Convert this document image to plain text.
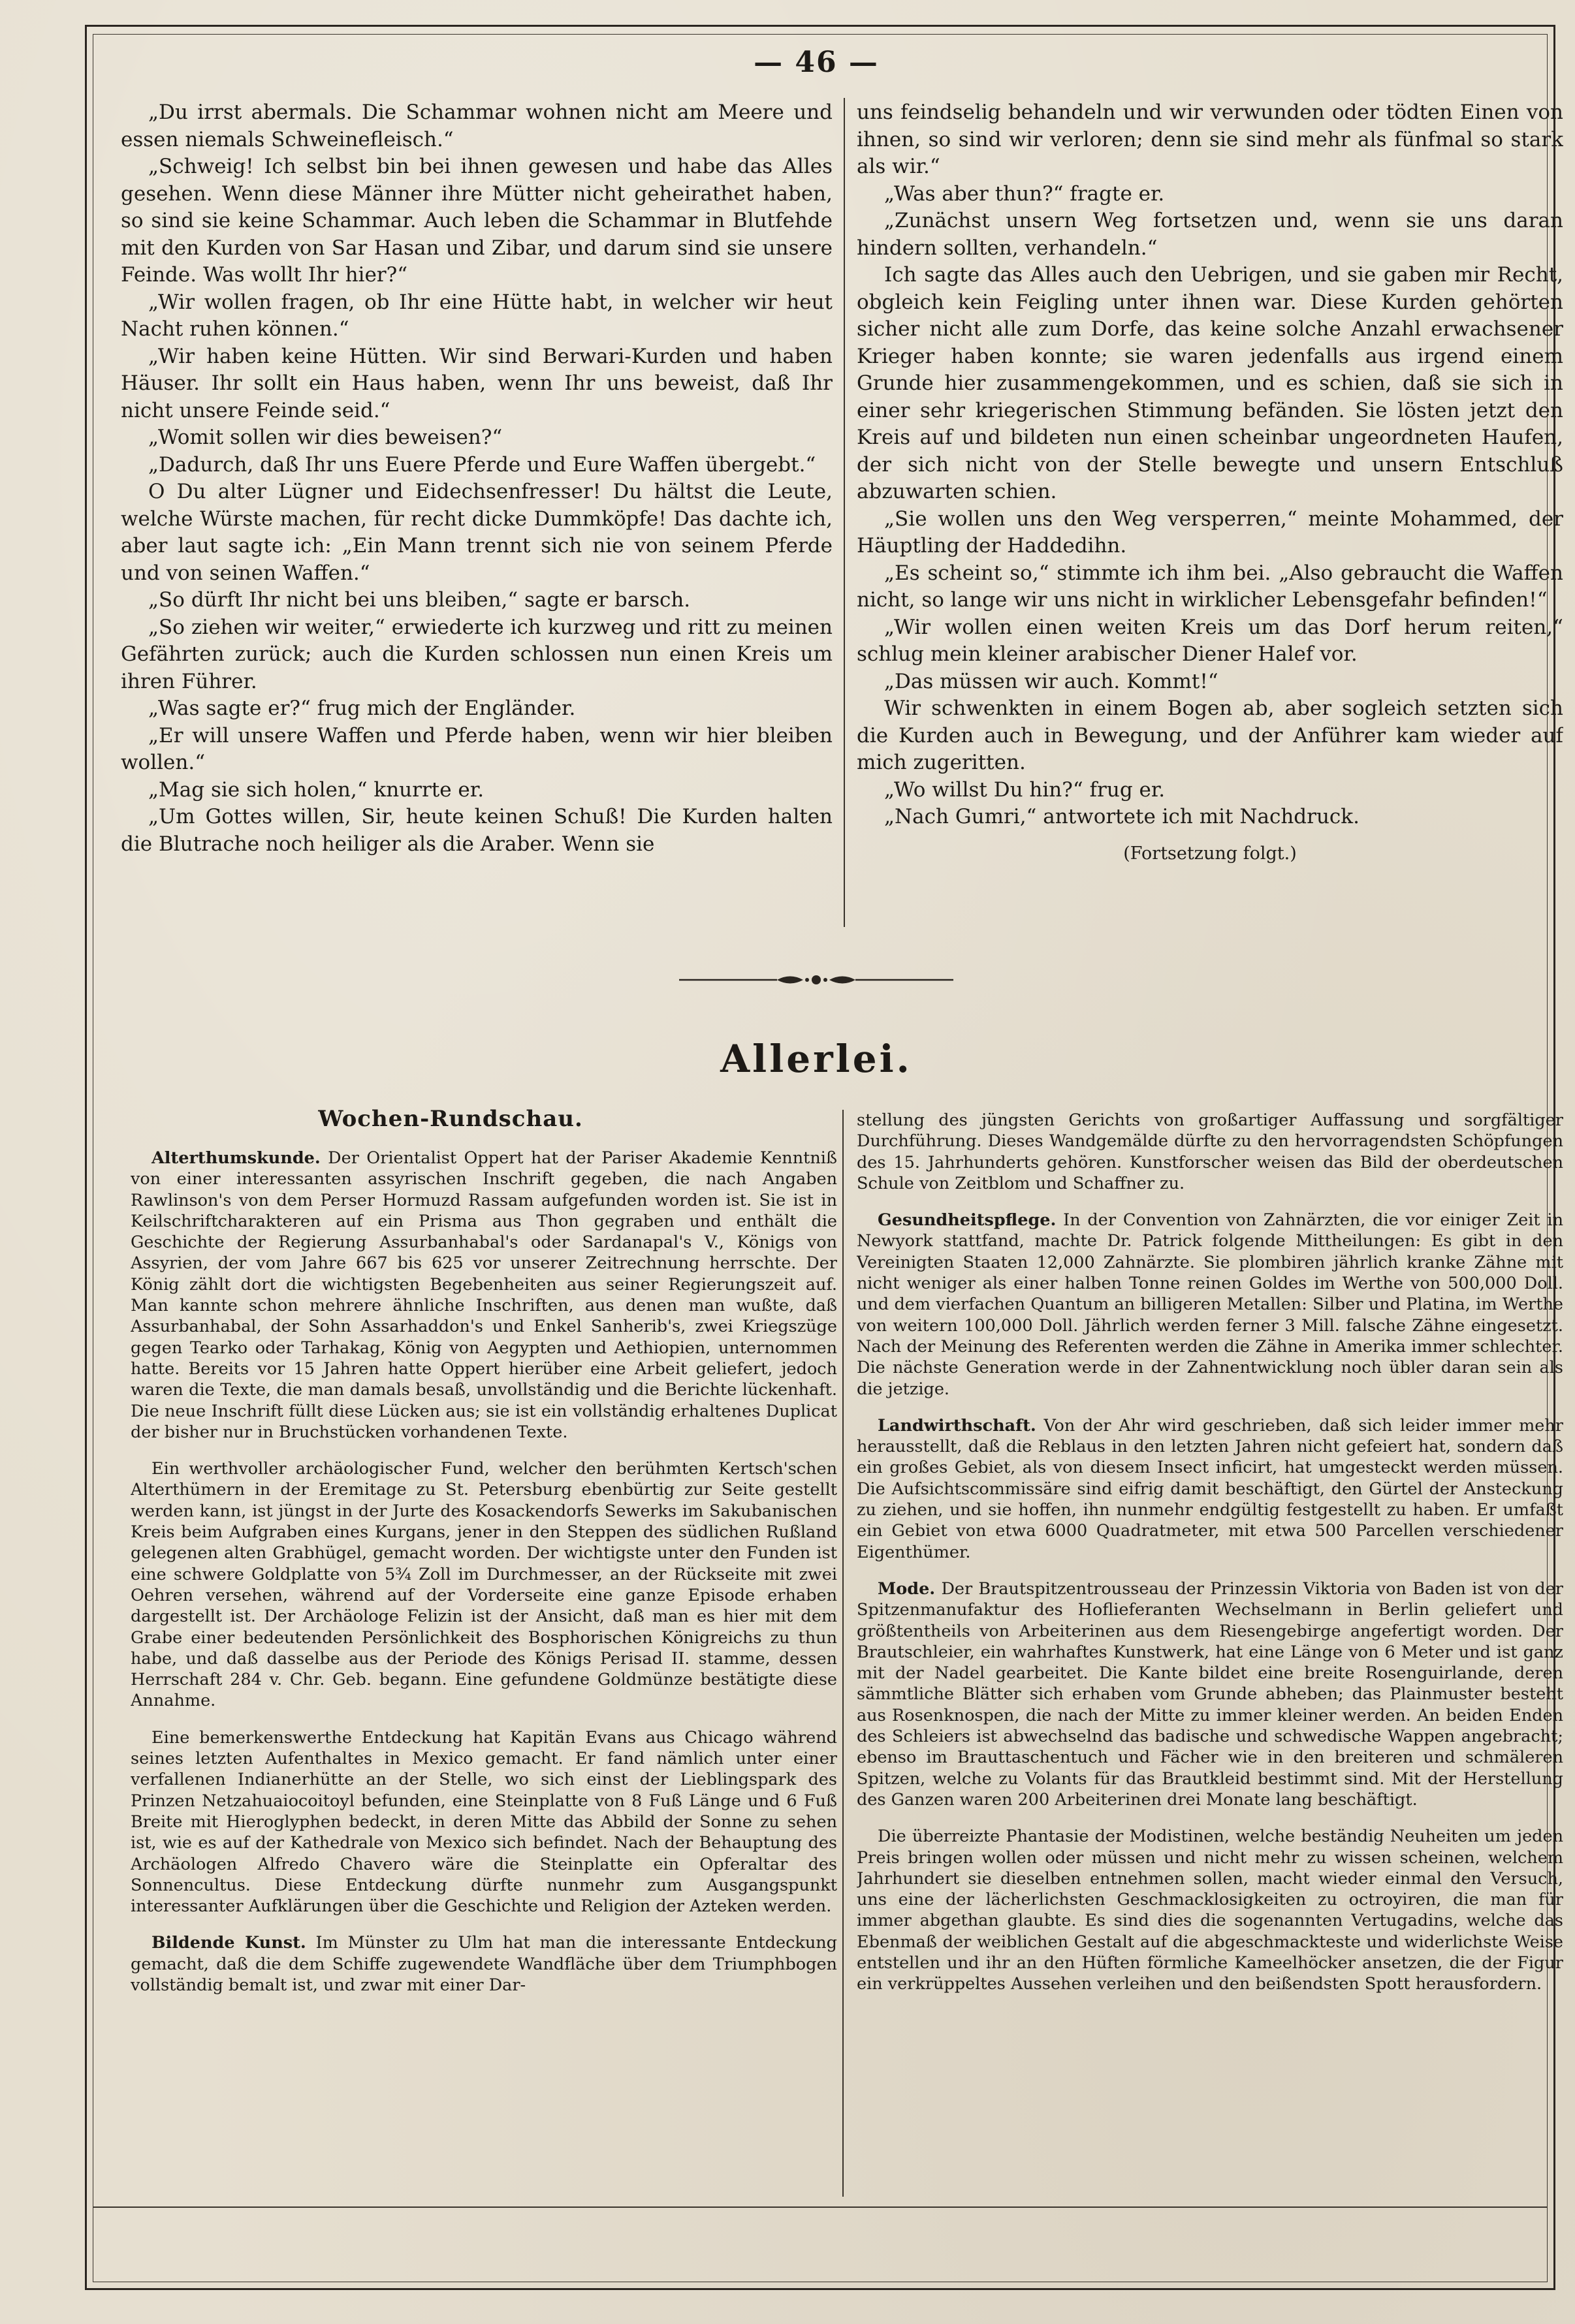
— 46 —

„Du irrst abermals. Die Schammar wohnen nicht am Meere und essen niemals Schweinefleisch.“

„Schweig! Ich selbst bin bei ihnen gewesen und habe das Alles gesehen. Wenn diese Männer ihre Mütter nicht geheirathet haben, so sind sie keine Schammar. Auch leben die Schammar in Blutfehde mit den Kurden von Sar Hasan und Zibar, und darum sind sie unsere Feinde. Was wollt Ihr hier?“

„Wir wollen fragen, ob Ihr eine Hütte habt, in welcher wir heut Nacht ruhen können.“

„Wir haben keine Hütten. Wir sind Berwari-Kurden und haben Häuser. Ihr sollt ein Haus haben, wenn Ihr uns beweist, daß Ihr nicht unsere Feinde seid.“

„Womit sollen wir dies beweisen?“

„Dadurch, daß Ihr uns Euere Pferde und Eure Waffen übergebt.“

O Du alter Lügner und Eidechsenfresser! Du hältst die Leute, welche Würste machen, für recht dicke Dummköpfe! Das dachte ich, aber laut sagte ich: „Ein Mann trennt sich nie von seinem Pferde und von seinen Waffen.“

„So dürft Ihr nicht bei uns bleiben,“ sagte er barsch.

„So ziehen wir weiter,“ erwiederte ich kurzweg und ritt zu meinen Gefährten zurück; auch die Kurden schlossen nun einen Kreis um ihren Führer.

„Was sagte er?“ frug mich der Engländer.

„Er will unsere Waffen und Pferde haben, wenn wir hier bleiben wollen.“

„Mag sie sich holen,“ knurrte er.

„Um Gottes willen, Sir, heute keinen Schuß! Die Kurden halten die Blutrache noch heiliger als die Araber. Wenn sie

uns feindselig behandeln und wir verwunden oder tödten Einen von ihnen, so sind wir verloren; denn sie sind mehr als fünfmal so stark als wir.“

„Was aber thun?“ fragte er.

„Zunächst unsern Weg fortsetzen und, wenn sie uns daran hindern sollten, verhandeln.“

Ich sagte das Alles auch den Uebrigen, und sie gaben mir Recht, obgleich kein Feigling unter ihnen war. Diese Kurden gehörten sicher nicht alle zum Dorfe, das keine solche Anzahl erwachsener Krieger haben konnte; sie waren jedenfalls aus irgend einem Grunde hier zusammengekommen, und es schien, daß sie sich in einer sehr kriegerischen Stimmung befänden. Sie lösten jetzt den Kreis auf und bildeten nun einen scheinbar ungeordneten Haufen, der sich nicht von der Stelle bewegte und unsern Entschluß abzuwarten schien.

„Sie wollen uns den Weg versperren,“ meinte Mohammed, der Häuptling der Haddedihn.

„Es scheint so,“ stimmte ich ihm bei. „Also gebraucht die Waffen nicht, so lange wir uns nicht in wirklicher Lebensgefahr befinden!“

„Wir wollen einen weiten Kreis um das Dorf herum reiten,“ schlug mein kleiner arabischer Diener Halef vor.

„Das müssen wir auch. Kommt!“

Wir schwenkten in einem Bogen ab, aber sogleich setzten sich die Kurden auch in Bewegung, und der Anführer kam wieder auf mich zugeritten.

„Wo willst Du hin?“ frug er.

„Nach Gumri,“ antwortete ich mit Nachdruck.

(Fortsetzung folgt.)
Allerlei.
Wochen-Rundschau.

Alterthumskunde. Der Orientalist Oppert hat der Pariser Akademie Kenntniß von einer interessanten assyrischen Inschrift gegeben, die nach Angaben Rawlinson's von dem Perser Hormuzd Rassam aufgefunden worden ist. Sie ist in Keilschriftcharakteren auf ein Prisma aus Thon gegraben und enthält die Geschichte der Regierung Assurbanhabal's oder Sardanapal's V., Königs von Assyrien, der vom Jahre 667 bis 625 vor unserer Zeitrechnung herrschte. Der König zählt dort die wichtigsten Begebenheiten aus seiner Regierungszeit auf. Man kannte schon mehrere ähnliche Inschriften, aus denen man wußte, daß Assurbanhabal, der Sohn Assarhaddon's und Enkel Sanherib's, zwei Kriegszüge gegen Tearko oder Tarhakag, König von Aegypten und Aethiopien, unternommen hatte. Bereits vor 15 Jahren hatte Oppert hierüber eine Arbeit geliefert, jedoch waren die Texte, die man damals besaß, unvollständig und die Berichte lückenhaft. Die neue Inschrift füllt diese Lücken aus; sie ist ein vollständig erhaltenes Duplicat der bisher nur in Bruchstücken vorhandenen Texte.

Ein werthvoller archäologischer Fund, welcher den berühmten Kertsch'schen Alterthümern in der Eremitage zu St. Petersburg ebenbürtig zur Seite gestellt werden kann, ist jüngst in der Jurte des Kosackendorfs Sewerks im Sakubanischen Kreis beim Aufgraben eines Kurgans, jener in den Steppen des südlichen Rußland gelegenen alten Grabhügel, gemacht worden. Der wichtigste unter den Funden ist eine schwere Goldplatte von 5¾ Zoll im Durchmesser, an der Rückseite mit zwei Oehren versehen, während auf der Vorderseite eine ganze Episode erhaben dargestellt ist. Der Archäologe Felizin ist der Ansicht, daß man es hier mit dem Grabe einer bedeutenden Persönlichkeit des Bosphorischen Königreichs zu thun habe, und daß dasselbe aus der Periode des Königs Perisad II. stamme, dessen Herrschaft 284 v. Chr. Geb. begann. Eine gefundene Goldmünze bestätigte diese Annahme.

Eine bemerkenswerthe Entdeckung hat Kapitän Evans aus Chicago während seines letzten Aufenthaltes in Mexico gemacht. Er fand nämlich unter einer verfallenen Indianerhütte an der Stelle, wo sich einst der Lieblingspark des Prinzen Netzahuaiocoitoyl befunden, eine Steinplatte von 8 Fuß Länge und 6 Fuß Breite mit Hieroglyphen bedeckt, in deren Mitte das Abbild der Sonne zu sehen ist, wie es auf der Kathedrale von Mexico sich befindet. Nach der Behauptung des Archäologen Alfredo Chavero wäre die Steinplatte ein Opferaltar des Sonnencultus. Diese Entdeckung dürfte nunmehr zum Ausgangspunkt interessanter Aufklärungen über die Geschichte und Religion der Azteken werden.

Bildende Kunst. Im Münster zu Ulm hat man die interessante Entdeckung gemacht, daß die dem Schiffe zugewendete Wandfläche über dem Triumphbogen vollständig bemalt ist, und zwar mit einer Dar-

stellung des jüngsten Gerichts von großartiger Auffassung und sorgfältiger Durchführung. Dieses Wandgemälde dürfte zu den hervorragendsten Schöpfungen des 15. Jahrhunderts gehören. Kunstforscher weisen das Bild der oberdeutschen Schule von Zeitblom und Schaffner zu.

Gesundheitspflege. In der Convention von Zahnärzten, die vor einiger Zeit in Newyork stattfand, machte Dr. Patrick folgende Mittheilungen: Es gibt in den Vereinigten Staaten 12,000 Zahnärzte. Sie plombiren jährlich kranke Zähne mit nicht weniger als einer halben Tonne reinen Goldes im Werthe von 500,000 Doll. und dem vierfachen Quantum an billigeren Metallen: Silber und Platina, im Werthe von weitern 100,000 Doll. Jährlich werden ferner 3 Mill. falsche Zähne eingesetzt. Nach der Meinung des Referenten werden die Zähne in Amerika immer schlechter. Die nächste Generation werde in der Zahnentwicklung noch übler daran sein als die jetzige.

Landwirthschaft. Von der Ahr wird geschrieben, daß sich leider immer mehr herausstellt, daß die Reblaus in den letzten Jahren nicht gefeiert hat, sondern daß ein großes Gebiet, als von diesem Insect inficirt, hat umgesteckt werden müssen. Die Aufsichtscommissäre sind eifrig damit beschäftigt, den Gürtel der Ansteckung zu ziehen, und sie hoffen, ihn nunmehr endgültig festgestellt zu haben. Er umfaßt ein Gebiet von etwa 6000 Quadratmeter, mit etwa 500 Parcellen verschiedener Eigenthümer.

Mode. Der Brautspitzentrousseau der Prinzessin Viktoria von Baden ist von der Spitzenmanufaktur des Hoflieferanten Wechselmann in Berlin geliefert und größtentheils von Arbeiterinen aus dem Riesengebirge angefertigt worden. Der Brautschleier, ein wahrhaftes Kunstwerk, hat eine Länge von 6 Meter und ist ganz mit der Nadel gearbeitet. Die Kante bildet eine breite Rosenguirlande, deren sämmtliche Blätter sich erhaben vom Grunde abheben; das Plainmuster besteht aus Rosenknospen, die nach der Mitte zu immer kleiner werden. An beiden Enden des Schleiers ist abwechselnd das badische und schwedische Wappen angebracht; ebenso im Brauttaschentuch und Fächer wie in den breiteren und schmäleren Spitzen, welche zu Volants für das Brautkleid bestimmt sind. Mit der Herstellung des Ganzen waren 200 Arbeiterinen drei Monate lang beschäftigt.

Die überreizte Phantasie der Modistinen, welche beständig Neuheiten um jeden Preis bringen wollen oder müssen und nicht mehr zu wissen scheinen, welchem Jahrhundert sie dieselben entnehmen sollen, macht wieder einmal den Versuch, uns eine der lächerlichsten Geschmacklosigkeiten zu octroyiren, die man für immer abgethan glaubte. Es sind dies die sogenannten Vertugadins, welche das Ebenmaß der weiblichen Gestalt auf die abgeschmackteste und widerlichste Weise entstellen und ihr an den Hüften förmliche Kameelhöcker ansetzen, die der Figur ein verkrüppeltes Aussehen verleihen und den beißendsten Spott herausfordern.
